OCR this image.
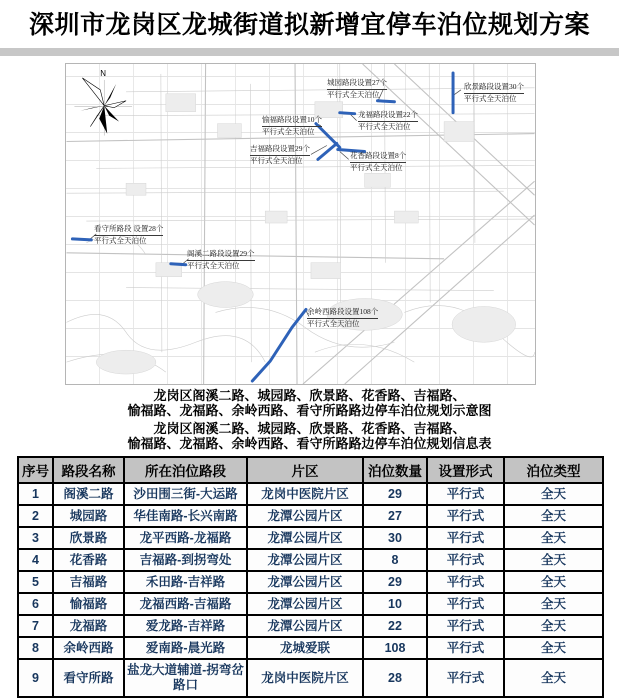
深圳市龙岗区龙城街道拟新增宜停车泊位规划方案
N
城园路段设置27个
平行式全天泊位
欣景路段设置30个
平行式全天泊位
愉福路段设置10个
平行式全天泊位
龙福路段设置22个
平行式全天泊位
吉福路段设置29个
平行式全天泊位
花香路段设置8个
平行式全天泊位
看守所路段 设置28个
平行式全天泊位
阁溪二路段设置29个
平行式全天泊位
余岭西路段设置108个
平行式全天泊位
龙岗区阁溪二路、城园路、欣景路、花香路、吉福路、
愉福路、龙福路、余岭西路、看守所路路边停车泊位规划示意图
龙岗区阁溪二路、城园路、欣景路、花香路、吉福路、
愉福路、龙福路、余岭西路、看守所路路边停车泊位规划信息表
序号	路段名称	所在泊位路段	片区	泊位数量	设置形式	泊位类型
1	阁溪二路	沙田围三街-大运路	龙岗中医院片区	29	平行式	全天
2	城园路	华佳南路-长兴南路	龙潭公园片区	27	平行式	全天
3	欣景路	龙平西路-龙福路	龙潭公园片区	30	平行式	全天
4	花香路	吉福路-到拐弯处	龙潭公园片区	8	平行式	全天
5	吉福路	禾田路-吉祥路	龙潭公园片区	29	平行式	全天
6	愉福路	龙福西路-吉福路	龙潭公园片区	10	平行式	全天
7	龙福路	爱龙路-吉祥路	龙潭公园片区	22	平行式	全天
8	余岭西路	爱南路-晨光路	龙城爱联	108	平行式	全天
9	看守所路	盐龙大道辅道-拐弯岔路口	龙岗中医院片区	28	平行式	全天
